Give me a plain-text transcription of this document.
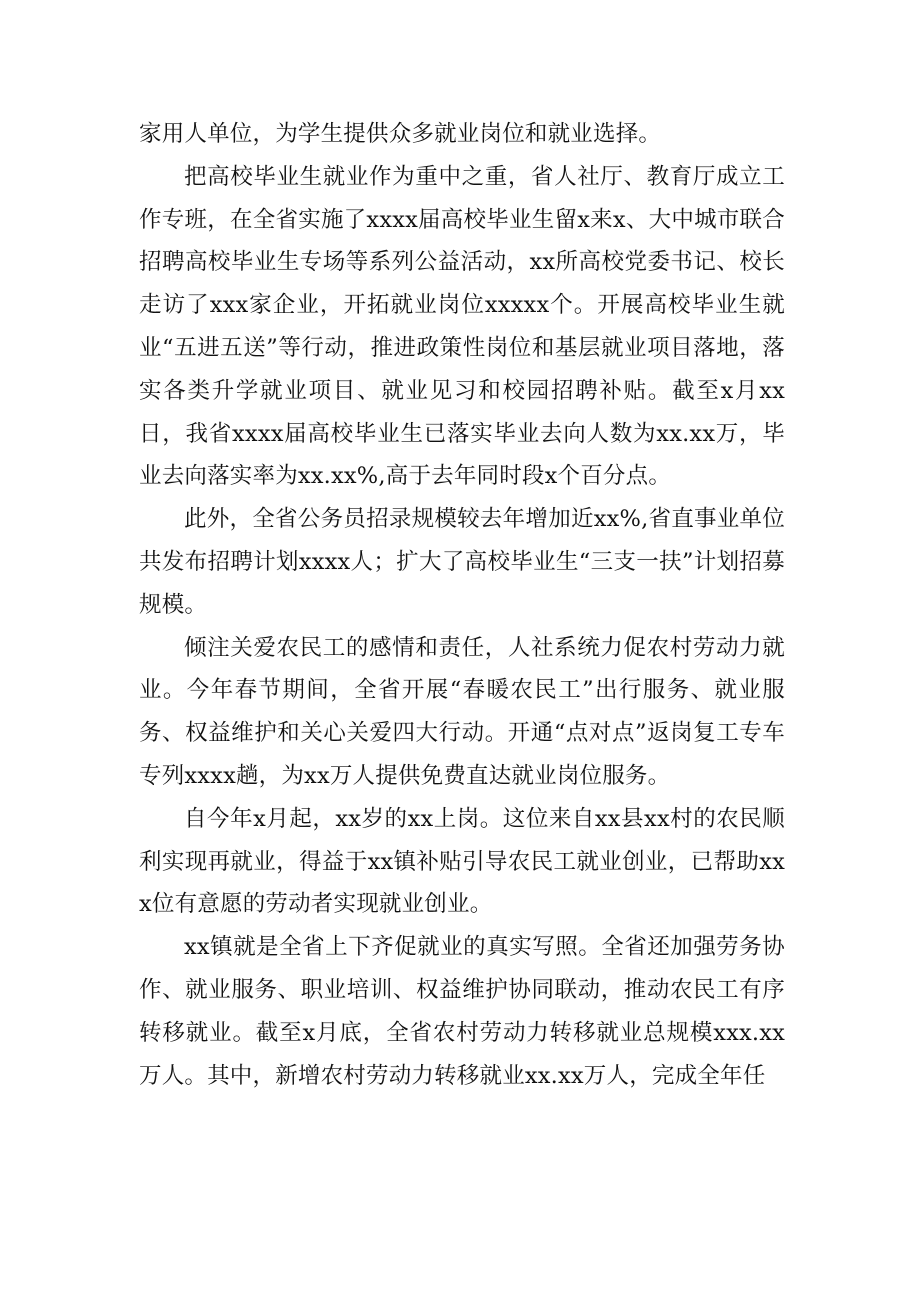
家用人单位，为学生提供众多就业岗位和就业选择。

把高校毕业生就业作为重中之重，省人社厅、教育厅成立工作专班，在全省实施了xxxx届高校毕业生留x来x、大中城市联合招聘高校毕业生专场等系列公益活动，xx所高校党委书记、校长走访了xxx家企业，开拓就业岗位xxxxx个。开展高校毕业生就业“五进五送”等行动，推进政策性岗位和基层就业项目落地，落实各类升学就业项目、就业见习和校园招聘补贴。截至x月xx日，我省xxxx届高校毕业生已落实毕业去向人数为xx.xx万，毕业去向落实率为xx.xx%,高于去年同时段x个百分点。

此外，全省公务员招录规模较去年增加近xx%,省直事业单位共发布招聘计划xxxx人；扩大了高校毕业生“三支一扶”计划招募规模。

倾注关爱农民工的感情和责任，人社系统力促农村劳动力就业。今年春节期间，全省开展“春暖农民工”出行服务、就业服务、权益维护和关心关爱四大行动。开通“点对点”返岗复工专车专列xxxx趟，为xx万人提供免费直达就业岗位服务。

自今年x月起，xx岁的xx上岗。这位来自xx县xx村的农民顺利实现再就业，得益于xx镇补贴引导农民工就业创业，已帮助xxx位有意愿的劳动者实现就业创业。

xx镇就是全省上下齐促就业的真实写照。全省还加强劳务协作、就业服务、职业培训、权益维护协同联动，推动农民工有序转移就业。截至x月底，全省农村劳动力转移就业总规模xxx.xx万人。其中，新增农村劳动力转移就业xx.xx万人，完成全年任
